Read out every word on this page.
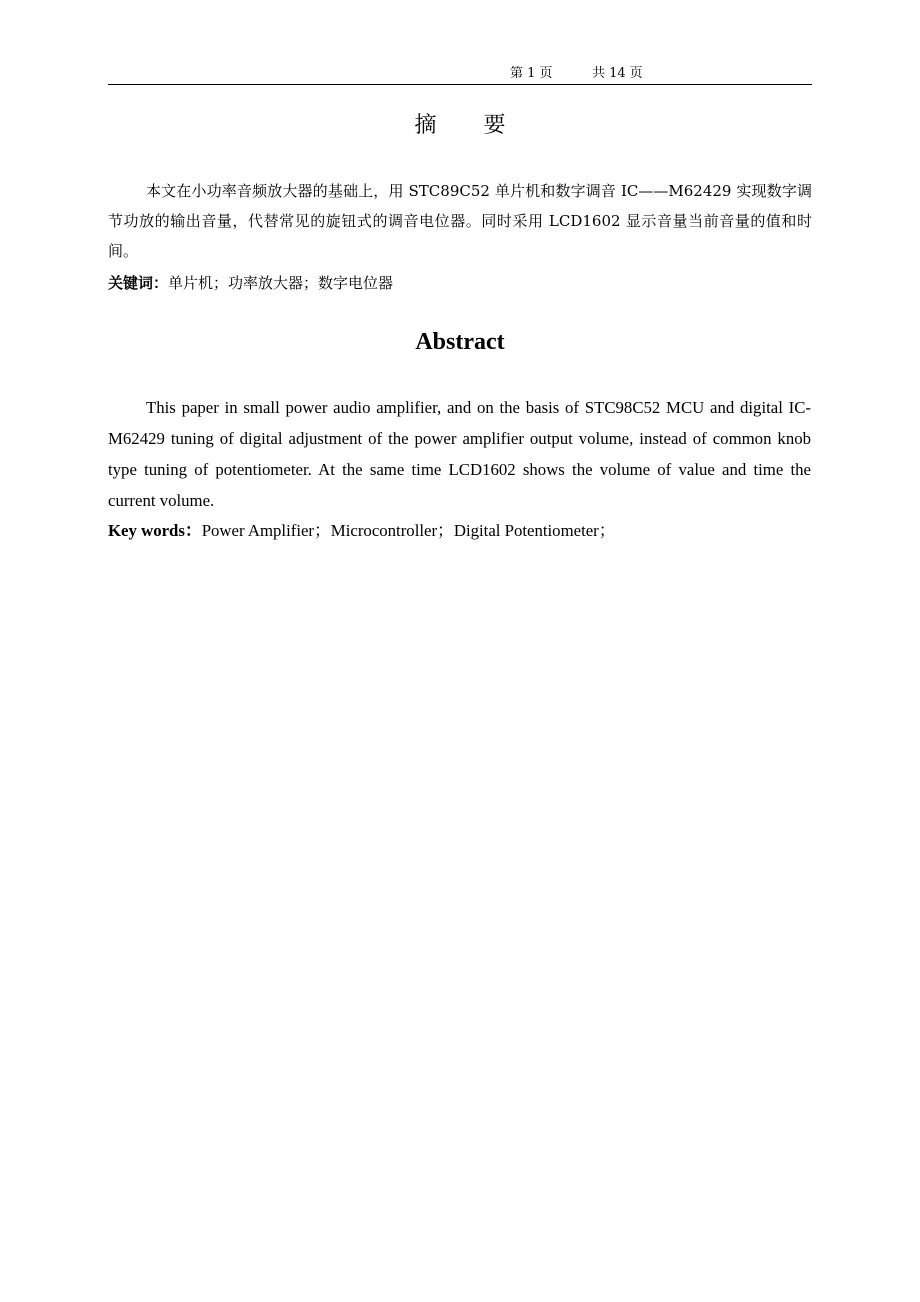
第 1 页	共 14 页
摘 要

本文在小功率音频放大器的基础上，用 STC89C52 单片机和数字调音 IC——M62429 实现数字调节功放的输出音量，代替常见的旋钮式的调音电位器。同时采用 LCD1602 显示音量当前音量的值和时间。

关键词：单片机；功率放大器；数字电位器

Abstract

This paper in small power audio amplifier, and on the basis of STC98C52 MCU and digital IC-M62429 tuning of digital adjustment of the power amplifier output volume, instead of common knob type tuning of potentiometer. At the same time LCD1602 shows the volume of value and time the current volume.

Key words：Power Amplifier；Microcontroller；Digital Potentiometer；
